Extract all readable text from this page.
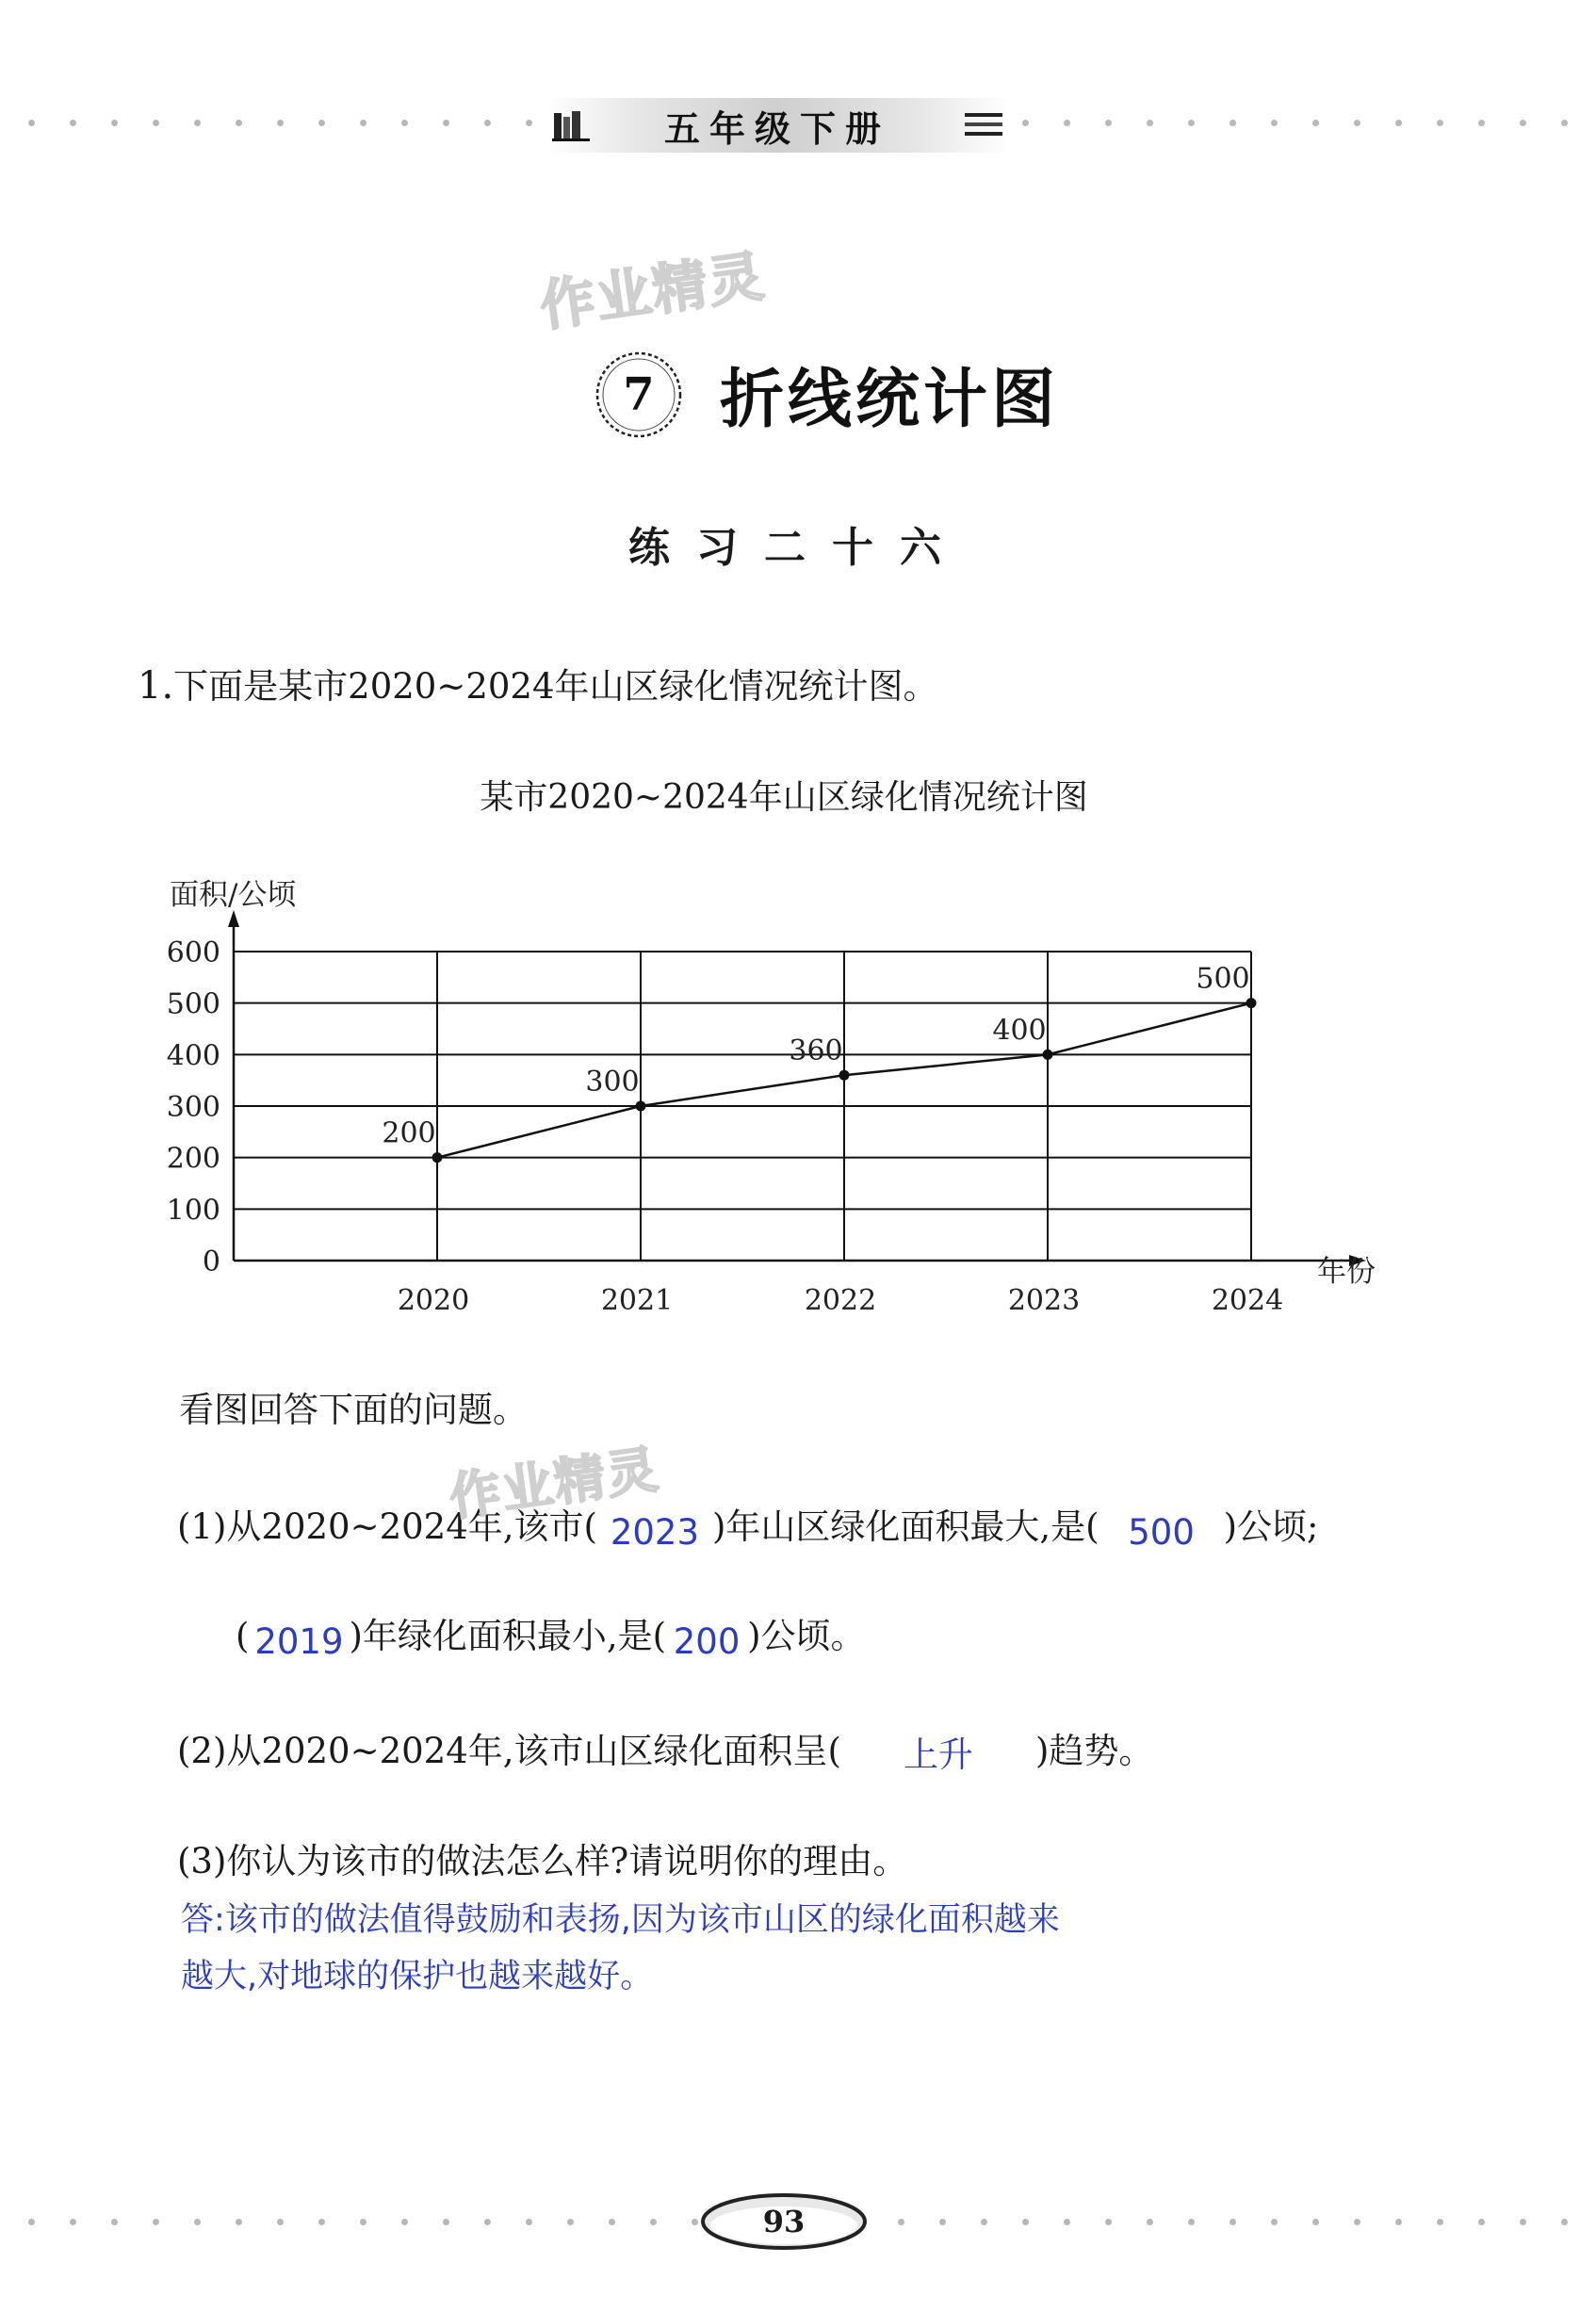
五年级下册
作业精灵
7 折线统计图
练习二十六
1.下面是某市2020~2024年山区绿化情况统计图。
某市2020~2024年山区绿化情况统计图
0
100
200
300
400
500
600
2020	2021	2022	2023	2024
200
300
360
400
500
面积/公顷
年份
看图回答下面的问题。
(1)从2020~2024年,该市( 2023 )年山区绿化面积最大,是( 500 )公顷;
( 2019 )年绿化面积最小,是( 200 )公顷。
(2)从2020~2024年,该市山区绿化面积呈( 上升 )趋势。
(3)你认为该市的做法怎么样?请说明你的理由。
答:该市的做法值得鼓励和表扬,因为该市山区的绿化面积越来
越大,对地球的保护也越来越好。
作业精灵
93
